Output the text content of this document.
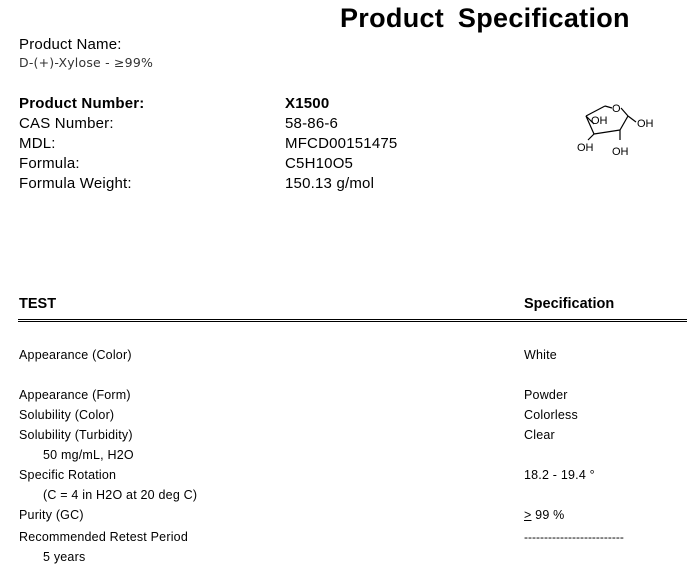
Product Specification
Product Name:
D-(+)-Xylose - ≥99%
Product Number:	X1500
CAS Number:	58-86-6
MDL:	MFCD00151475
Formula:	C5H10O5
Formula Weight:	150.13 g/mol
O
OH	OH
OH OH
TEST	Specification
Appearance (Color)	White
Appearance (Form)	Powder
Solubility (Color)	Colorless
Solubility (Turbidity)	Clear
50 mg/mL, H2O
Specific Rotation	18.2 - 19.4 °
(C = 4 in H2O at 20 deg C)
Purity (GC)	≥ 99 %
Recommended Retest Period	-------------------------
5 years
